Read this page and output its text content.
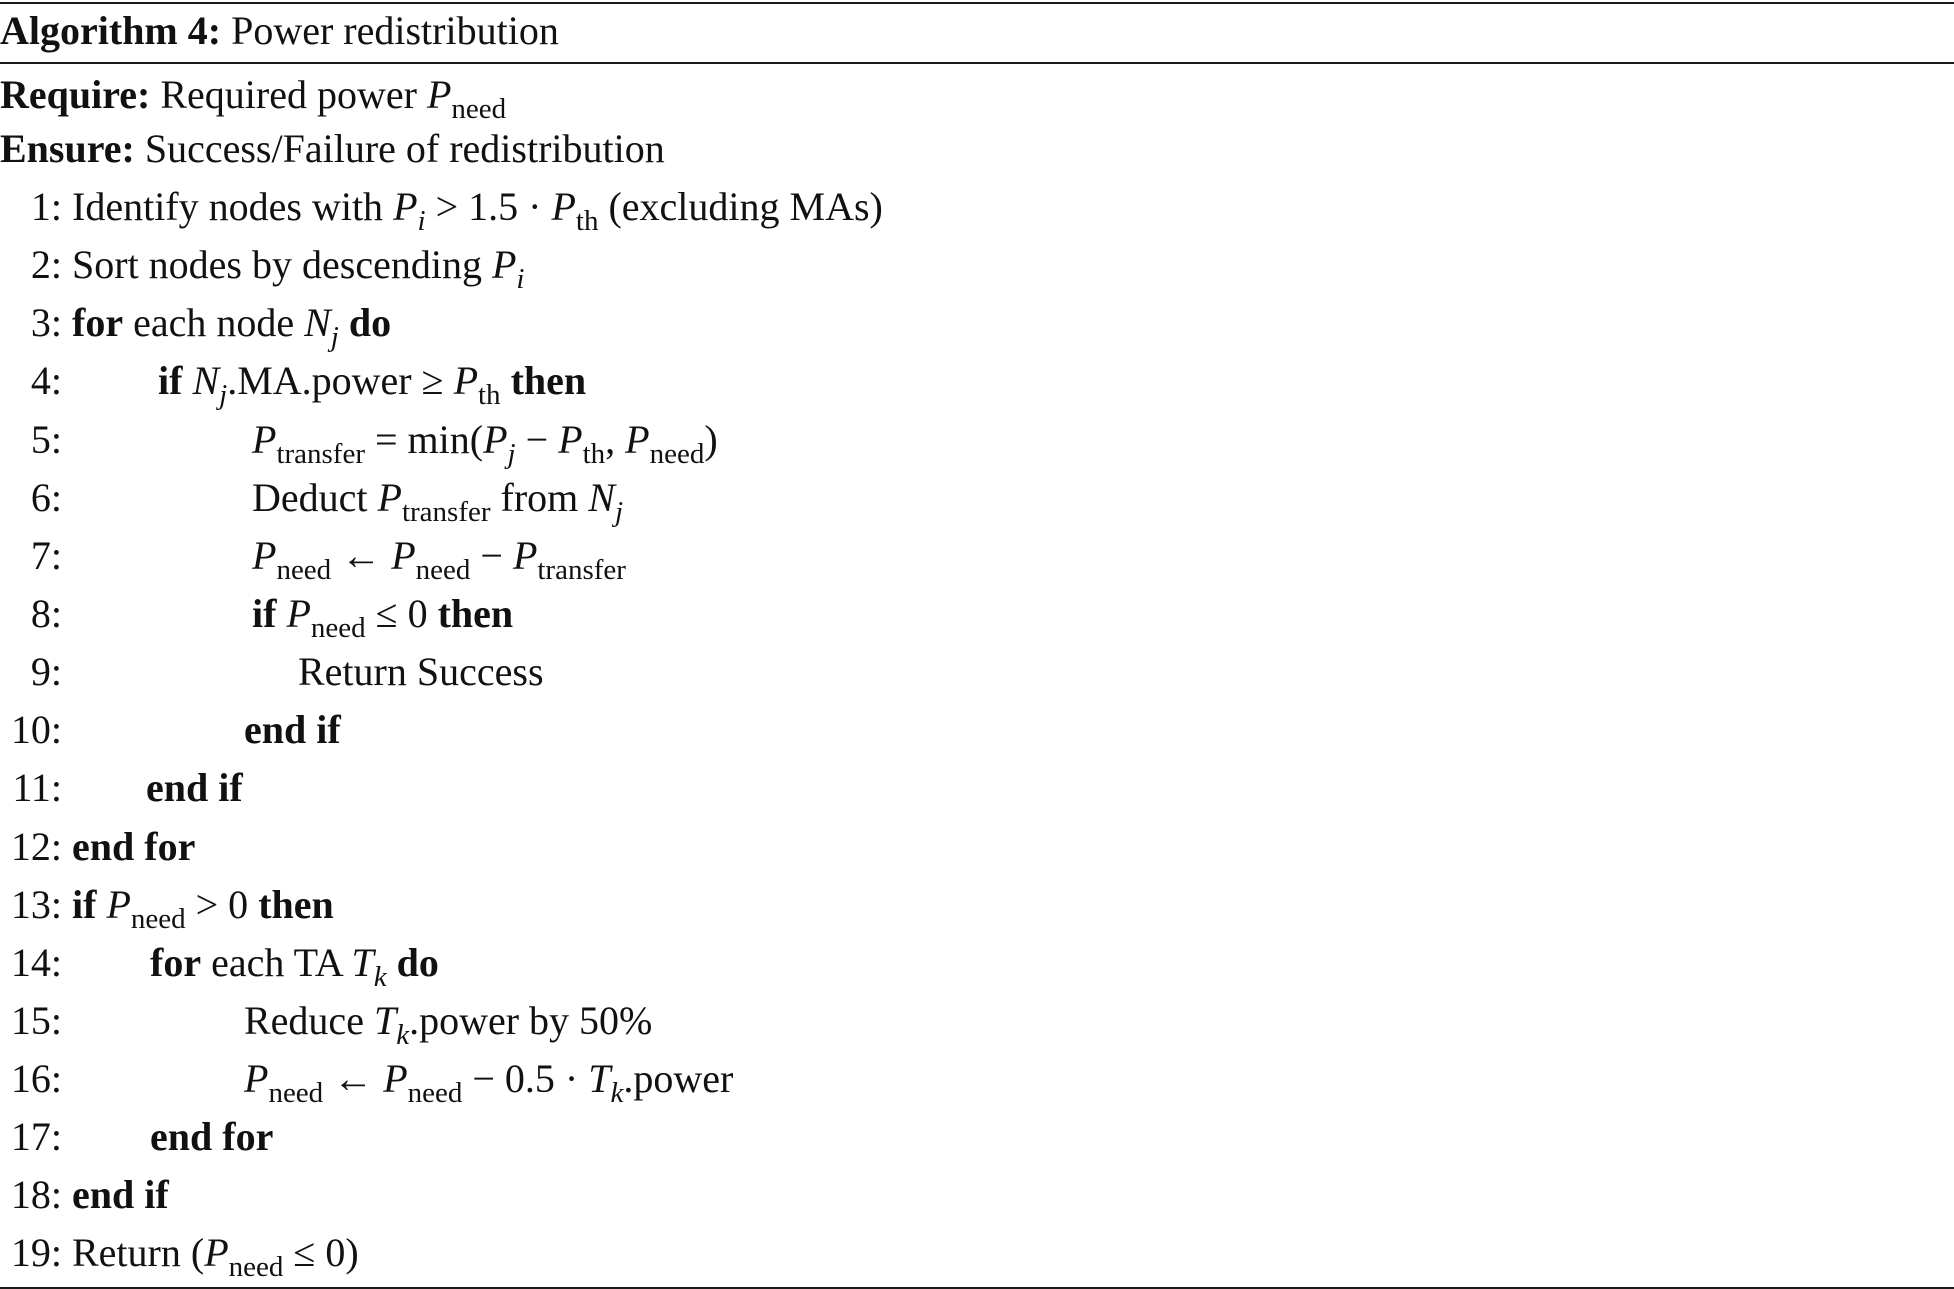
Algorithm 4: Power redistribution
Require: Required power $P_{need}$
Ensure: Success/Failure of redistribution
1: Identify nodes with $P_i > 1.5 \cdot P_{th}$ (excluding MAs)
2: Sort nodes by descending $P_i$
3: for each node $N_j$ do
4: if $N_j.MA.power \ge P_{th}$ then
5:	$P_{transfer} = \min(P_j - P_{th}$, $P_{need}$)
6:	Deduct $P_{transfer}$ from $N_j$
7:	$P_{need}$ ← $P_{need} - P_{transfer}$
8:	if $P_{need} \le 0$ then
9:	Return Success
10:	end if
11: end if
12: end for
13: if $P_{need} > 0$ then
14: for each TA $T_k$ do
15:	Reduce $T_k.power$ by 50%
16:	$P_{need}$ ← $P_{need} - 0.5$ · $T_k.power$
17: end for
18: end if
19: Return $(P_{need} \le 0)$
